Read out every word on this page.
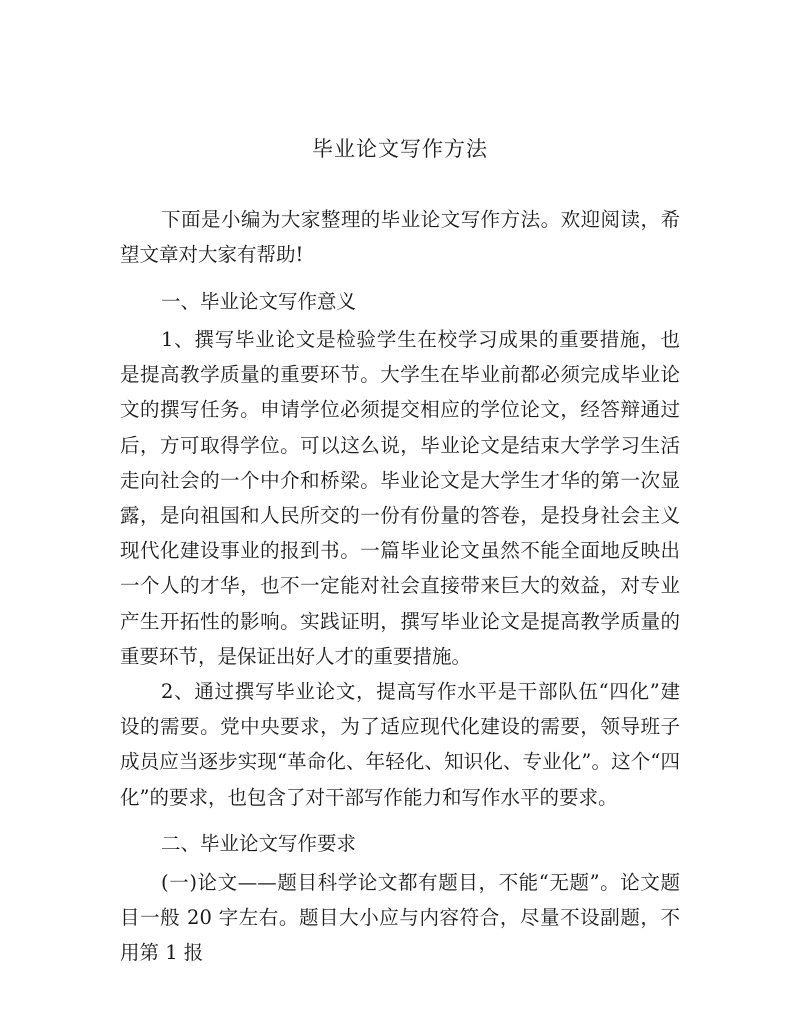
毕业论文写作方法

下面是小编为大家整理的毕业论文写作方法。欢迎阅读，希望文章对大家有帮助!

一、毕业论文写作意义

1、撰写毕业论文是检验学生在校学习成果的重要措施，也是提高教学质量的重要环节。大学生在毕业前都必须完成毕业论文的撰写任务。申请学位必须提交相应的学位论文，经答辩通过后，方可取得学位。可以这么说，毕业论文是结束大学学习生活走向社会的一个中介和桥梁。毕业论文是大学生才华的第一次显露，是向祖国和人民所交的一份有份量的答卷，是投身社会主义现代化建设事业的报到书。一篇毕业论文虽然不能全面地反映出一个人的才华，也不一定能对社会直接带来巨大的效益，对专业产生开拓性的影响。实践证明，撰写毕业论文是提高教学质量的重要环节，是保证出好人才的重要措施。

2、通过撰写毕业论文，提高写作水平是干部队伍“四化”建设的需要。党中央要求，为了适应现代化建设的需要，领导班子成员应当逐步实现“革命化、年轻化、知识化、专业化”。这个“四化”的要求，也包含了对干部写作能力和写作水平的要求。

二、毕业论文写作要求

(一)论文——题目科学论文都有题目，不能“无题”。论文题目一般 20 字左右。题目大小应与内容符合，尽量不设副题，不用第 1 报
